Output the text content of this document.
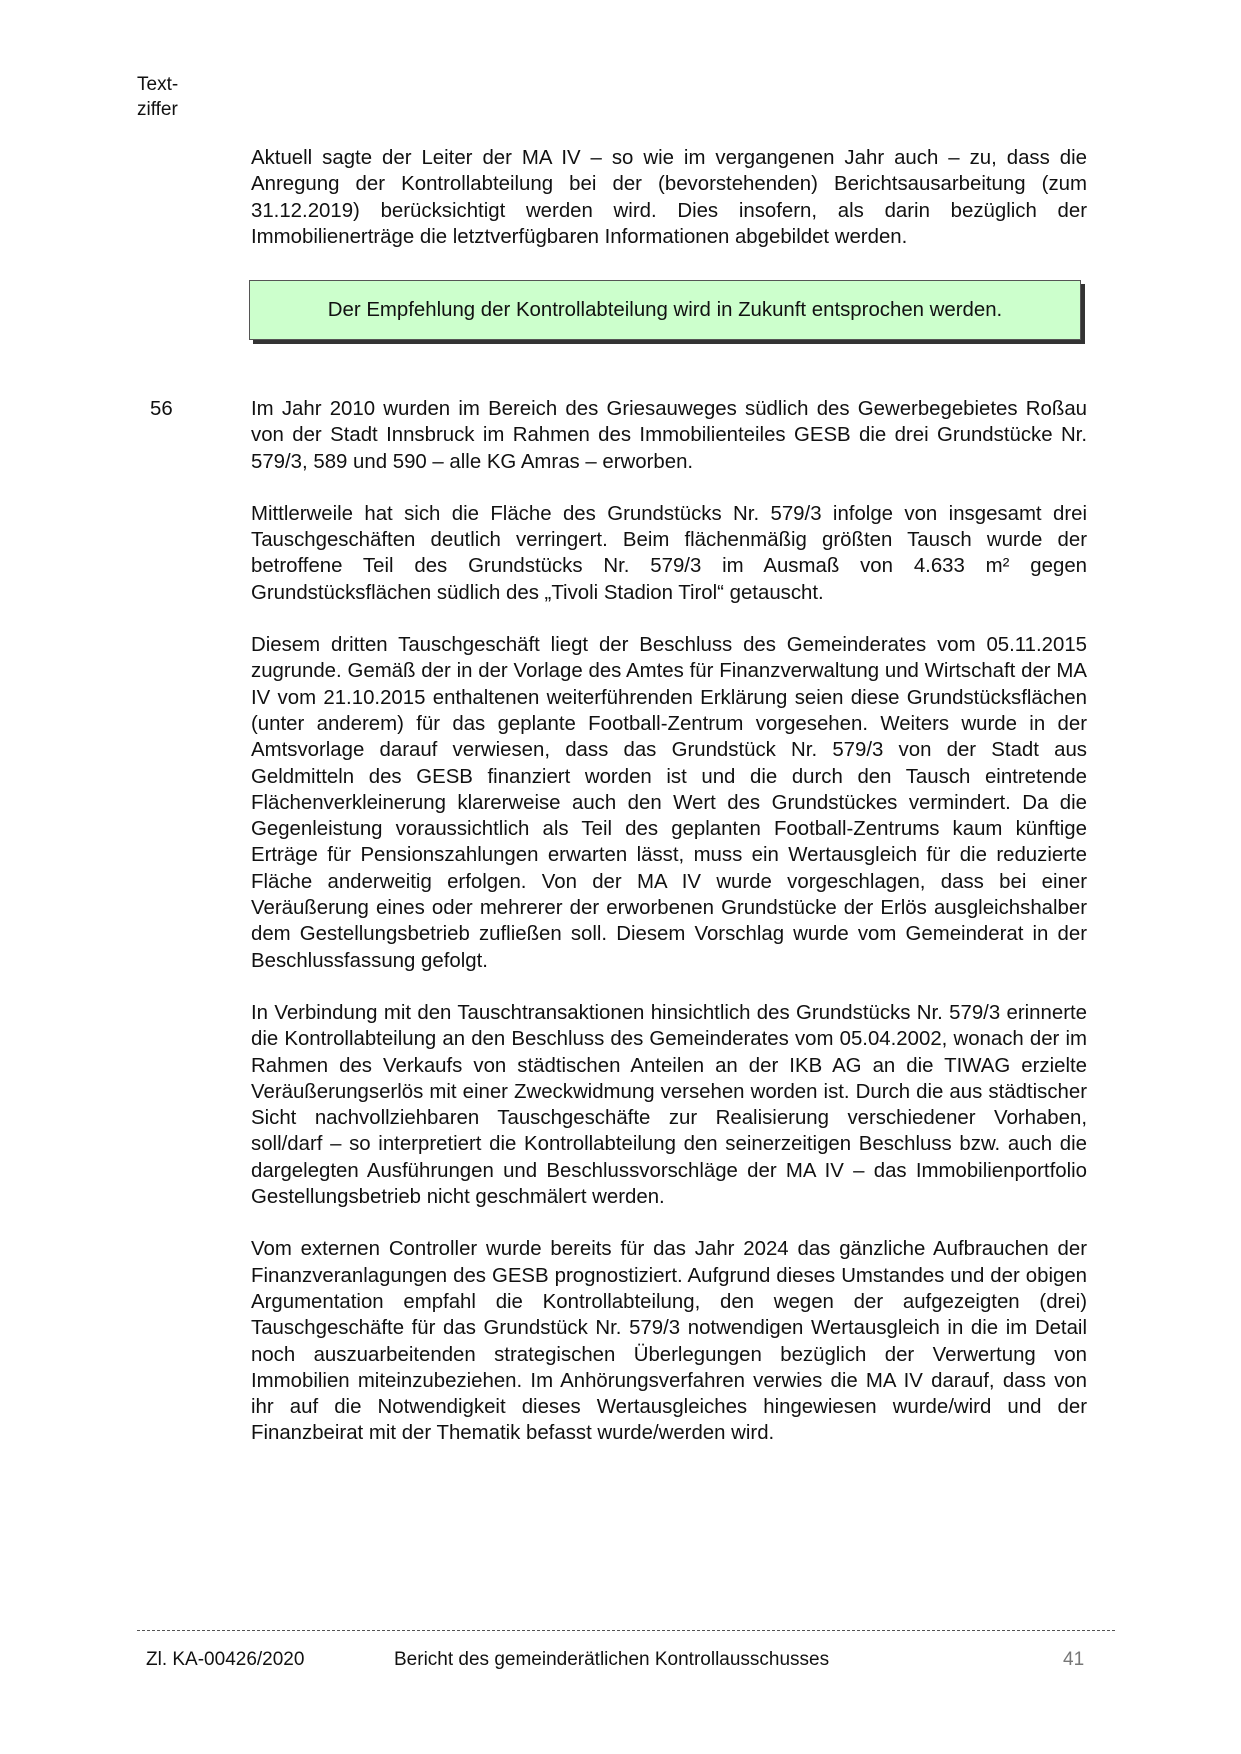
Text-
ziffer

Aktuell sagte der Leiter der MA IV – so wie im vergangenen Jahr auch – zu, dass die Anregung der Kontrollabteilung bei der (bevorstehenden) Berichtsausarbeitung (zum 31.12.2019) berücksichtigt werden wird. Dies insofern, als darin bezüglich der Immobilienerträge die letztverfügbaren Informationen abgebildet werden.

Der Empfehlung der Kontrollabteilung wird in Zukunft entsprochen werden.
56	Im Jahr 2010 wurden im Bereich des Griesauweges südlich des Gewerbegebietes Roßau von der Stadt Innsbruck im Rahmen des Immobilienteiles GESB die drei Grundstücke Nr. 579/3, 589 und 590 – alle KG Amras – erworben.

Mittlerweile hat sich die Fläche des Grundstücks Nr. 579/3 infolge von insgesamt drei Tauschgeschäften deutlich verringert. Beim flächenmäßig größten Tausch wurde der betroffene Teil des Grundstücks Nr. 579/3 im Ausmaß von 4.633 m² gegen Grundstücksflächen südlich des „Tivoli Stadion Tirol“ getauscht.

Diesem dritten Tauschgeschäft liegt der Beschluss des Gemeinderates vom 05.11.2015 zugrunde. Gemäß der in der Vorlage des Amtes für Finanzverwaltung und Wirtschaft der MA IV vom 21.10.2015 enthaltenen weiterführenden Erklärung seien diese Grundstücksflächen (unter anderem) für das geplante Football-Zentrum vorgesehen. Weiters wurde in der Amtsvorlage darauf verwiesen, dass das Grundstück Nr. 579/3 von der Stadt aus Geldmitteln des GESB finanziert worden ist und die durch den Tausch eintretende Flächenverkleinerung klarerweise auch den Wert des Grundstückes vermindert. Da die Gegenleistung voraussichtlich als Teil des geplanten Football-Zentrums kaum künftige Erträge für Pensionszahlungen erwarten lässt, muss ein Wertausgleich für die reduzierte Fläche anderweitig erfolgen. Von der MA IV wurde vorgeschlagen, dass bei einer Veräußerung eines oder mehrerer der erworbenen Grundstücke der Erlös ausgleichshalber dem Gestellungsbetrieb zufließen soll. Diesem Vorschlag wurde vom Gemeinderat in der Beschlussfassung gefolgt.

In Verbindung mit den Tauschtransaktionen hinsichtlich des Grundstücks Nr. 579/3 erinnerte die Kontrollabteilung an den Beschluss des Gemeinderates vom 05.04.2002, wonach der im Rahmen des Verkaufs von städtischen Anteilen an der IKB AG an die TIWAG erzielte Veräußerungserlös mit einer Zweckwidmung versehen worden ist. Durch die aus städtischer Sicht nachvollziehbaren Tauschgeschäfte zur Realisierung verschiedener Vorhaben, soll/darf – so interpretiert die Kontrollabteilung den seinerzeitigen Beschluss bzw. auch die dargelegten Ausführungen und Beschlussvorschläge der MA IV – das Immobilienportfolio Gestellungsbetrieb nicht geschmälert werden.

Vom externen Controller wurde bereits für das Jahr 2024 das gänzliche Aufbrauchen der Finanzveranlagungen des GESB prognostiziert. Aufgrund dieses Umstandes und der obigen Argumentation empfahl die Kontrollabteilung, den wegen der aufgezeigten (drei) Tauschgeschäfte für das Grundstück Nr. 579/3 notwendigen Wertausgleich in die im Detail noch auszuarbeitenden strategischen Überlegungen bezüglich der Verwertung von Immobilien miteinzubeziehen. Im Anhörungsverfahren verwies die MA IV darauf, dass von ihr auf die Notwendigkeit dieses Wertausgleiches hingewiesen wurde/wird und der Finanzbeirat mit der Thematik befasst wurde/werden wird.

Zl. KA-00426/2020	Bericht des gemeinderätlichen Kontrollausschusses	41
